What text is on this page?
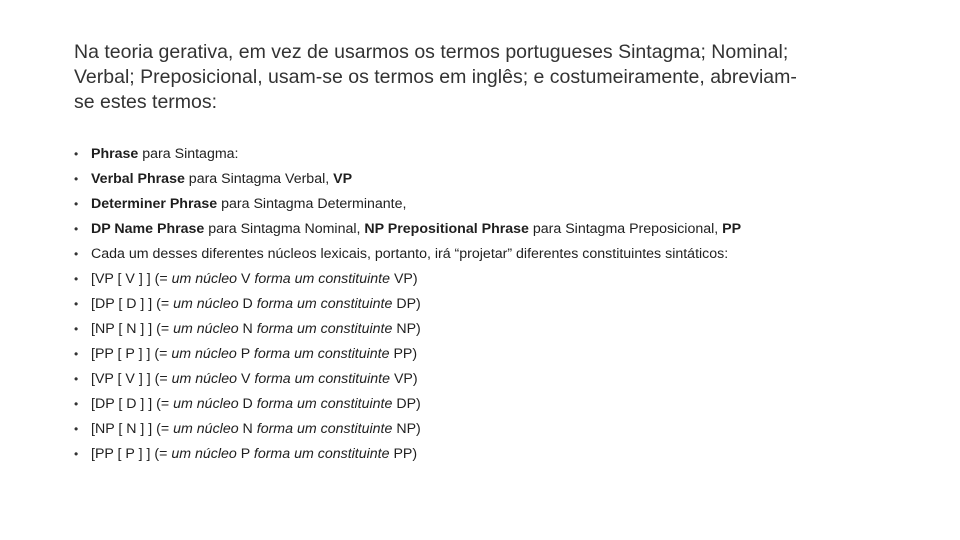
Na teoria gerativa, em vez de usarmos os termos portugueses Sintagma; Nominal;
Verbal; Preposicional, usam-se os termos em inglês; e costumeiramente, abreviam-
se estes termos:
• Phrase para Sintagma:
• Verbal Phrase para Sintagma Verbal, VP
• Determiner Phrase para Sintagma Determinante,
• DP Name Phrase para Sintagma Nominal, NP Prepositional Phrase para Sintagma Preposicional, PP
• Cada um desses diferentes núcleos lexicais, portanto, irá “projetar” diferentes constituintes sintáticos:
• [VP [ V ] ] (= um núcleo V forma um constituinte VP)
• [DP [ D ] ] (= um núcleo D forma um constituinte DP)
• [NP [ N ] ] (= um núcleo N forma um constituinte NP)
• [PP [ P ] ] (= um núcleo P forma um constituinte PP)
• [VP [ V ] ] (= um núcleo V forma um constituinte VP)
• [DP [ D ] ] (= um núcleo D forma um constituinte DP)
• [NP [ N ] ] (= um núcleo N forma um constituinte NP)
• [PP [ P ] ] (= um núcleo P forma um constituinte PP)
